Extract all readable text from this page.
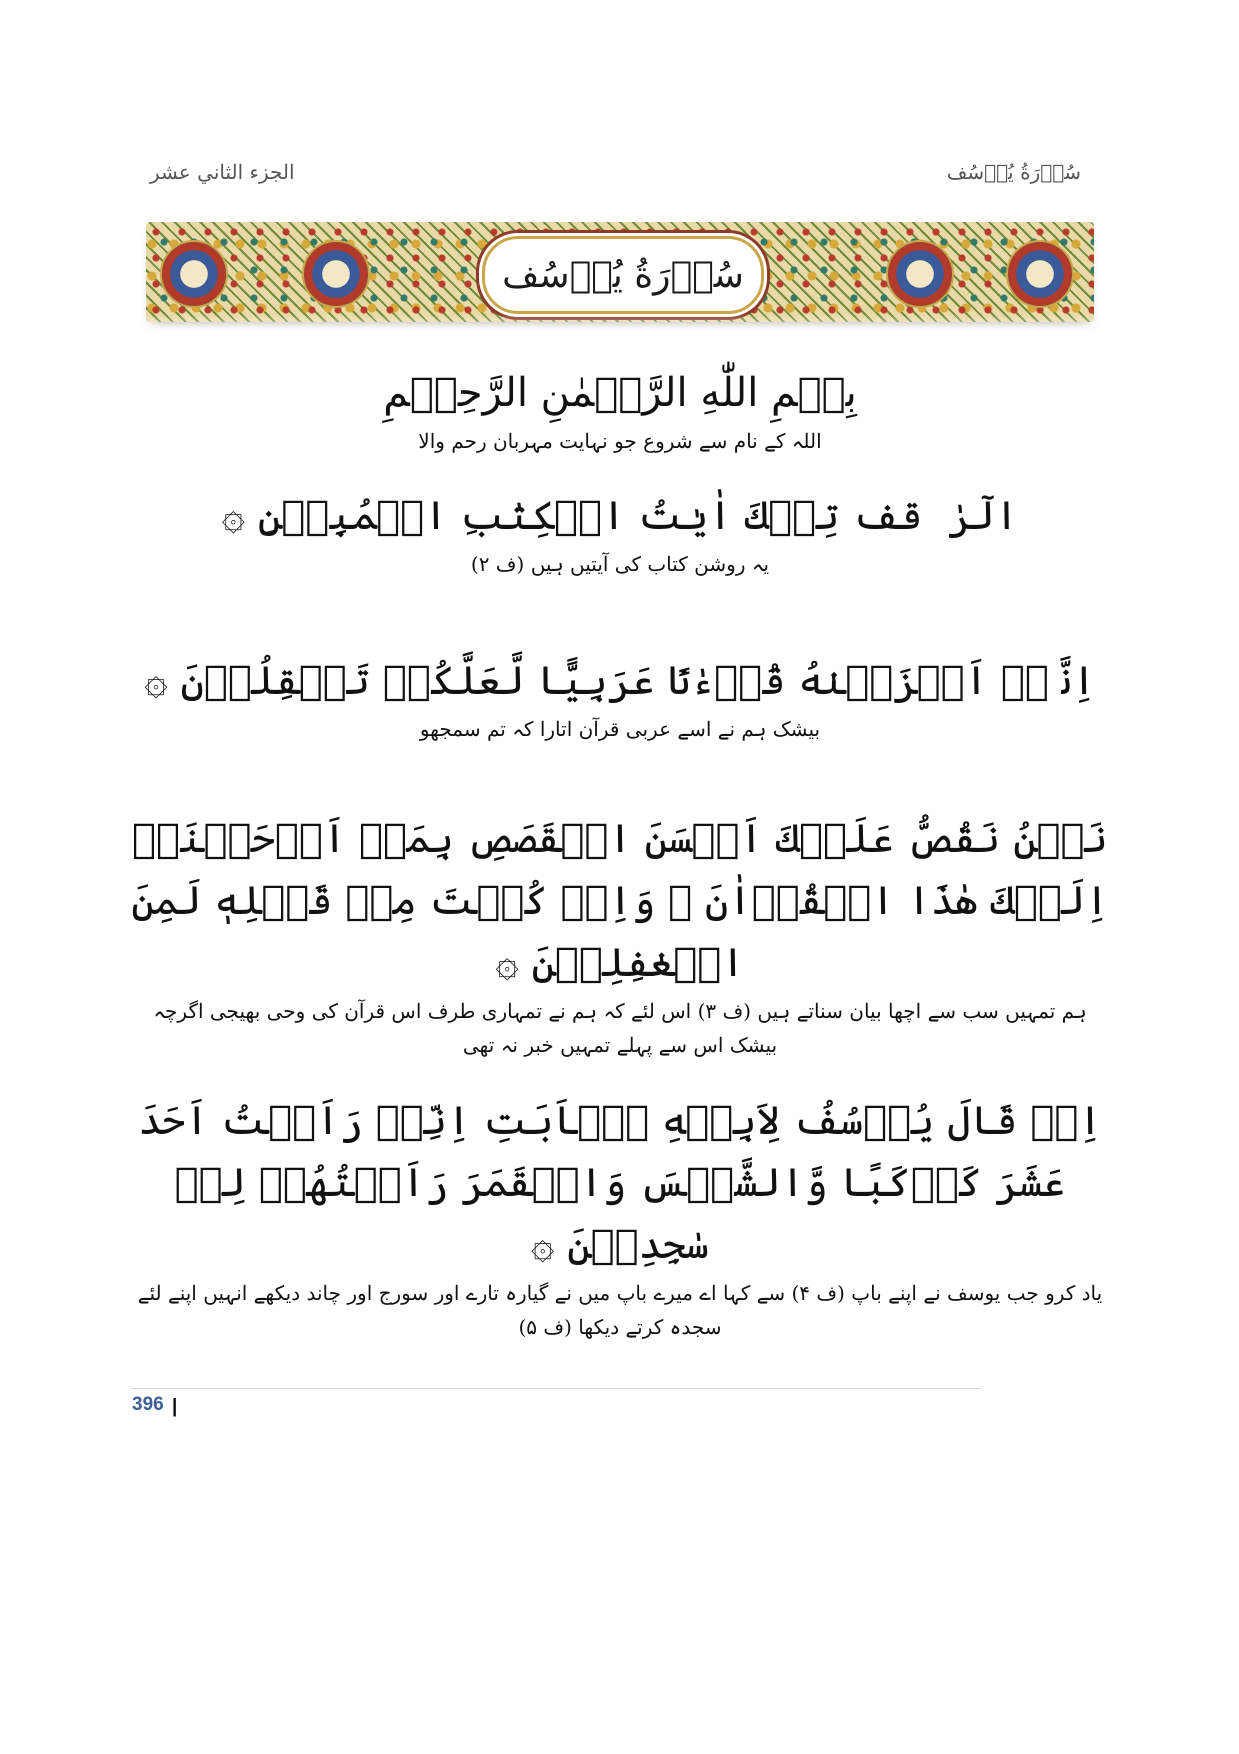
الجزء الثاني عشر	سُوۡرَةُ يُوۡسُف
سُوۡرَةُ يُوۡسُف
بِسۡمِ اللّٰهِ الرَّحۡمٰنِ الرَّحِيۡمِ
اللہ کے نام سے شروع جو نہایت مہربان رحم والا
الٓرٰ ‌ قف تِلۡكَ اٰيٰتُ الۡكِتٰبِ الۡمُبِيۡنِ ۞
یہ روشن کتاب کی آیتیں ہیں (ف ۲)
اِنَّاۤ اَنۡزَلۡنٰهُ قُرۡءٰنًا عَرَبِيًّا لَّعَلَّكُمۡ تَعۡقِلُوۡنَ ۞
بیشک ہم نے اسے عربی قرآن اتارا کہ تم سمجھو
نَحۡنُ نَقُصُّ عَلَيۡكَ اَحۡسَنَ الۡقَصَصِ بِمَاۤ اَوۡحَيۡنَاۤ اِلَيۡكَ هٰذَا الۡقُرۡاٰنَ ‌ۖ وَاِنۡ كُنۡتَ مِنۡ قَبۡلِهٖ لَمِنَ الۡغٰفِلِيۡنَ ۞
ہم تمہیں سب سے اچھا بیان سناتے ہیں (ف ۳) اس لئے کہ ہم نے تمہاری طرف اس قرآن کی وحی بھیجی اگرچہ بیشک اس سے پہلے تمہیں خبر نہ تھی
اِذۡ قَالَ يُوۡسُفُ لِاَبِيۡهِ يٰۤاَبَتِ اِنِّىۡ رَاَيۡتُ اَحَدَ عَشَرَ كَوۡكَبًا وَّالشَّمۡسَ وَالۡقَمَرَ رَاَيۡتُهُمۡ لِىۡ سٰجِدِيۡنَ ۞
یاد کرو جب یوسف نے اپنے باپ (ف ۴) سے کہا اے میرے باپ میں نے گیارہ تارے اور سورج اور چاند دیکھے انہیں اپنے لئے سجدہ کرتے دیکھا (ف ۵)
396 |
